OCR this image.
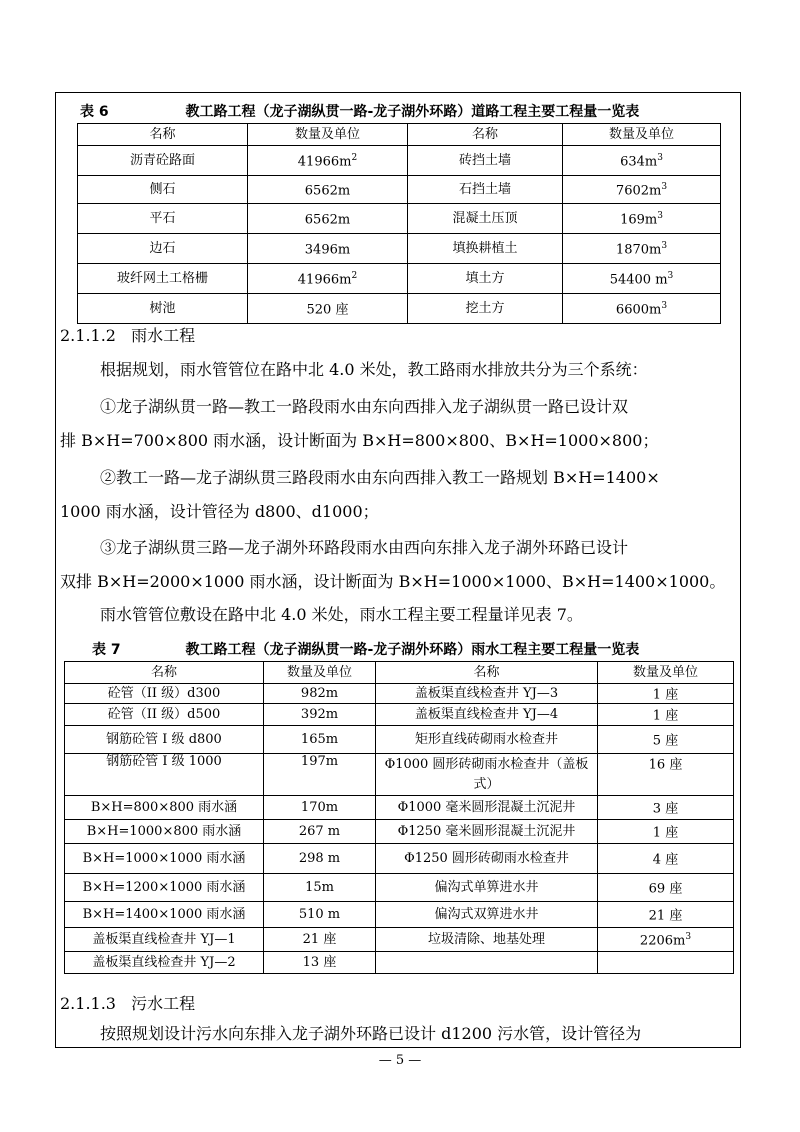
表 6	教工路工程（龙子湖纵贯一路-龙子湖外环路）道路工程主要工程量一览表
名称	数量及单位	名称	数量及单位
沥青砼路面	$41966m^2$	砖挡土墙	$634m^3$
侧石	6562m	石挡土墙	$7602m^3$
平石	6562m	混凝土压顶	$169m^3$
边石	3496m	填换耕植土	$1870m^3$
玻纤网土工格栅	$41966m^2$	填土方	54400 $m^3$
树池	520 座	挖土方	$6600m^3$
2.1.1.2 雨水工程
根据规划，雨水管管位在路中北 4.0 米处，教工路雨水排放共分为三个系统：
①龙子湖纵贯一路—教工一路段雨水由东向西排入龙子湖纵贯一路已设计双
排 B×H=700×800 雨水涵，设计断面为 B×H=800×800、B×H=1000×800；
②教工一路—龙子湖纵贯三路段雨水由东向西排入教工一路规划 B×H=1400×
1000 雨水涵，设计管径为 d800、d1000；
③龙子湖纵贯三路—龙子湖外环路段雨水由西向东排入龙子湖外环路已设计
双排 B×H=2000×1000 雨水涵，设计断面为 B×H=1000×1000、B×H=1400×1000。
雨水管管位敷设在路中北 4.0 米处，雨水工程主要工程量详见表 7。
表 7	教工路工程（龙子湖纵贯一路-龙子湖外环路）雨水工程主要工程量一览表
名称	数量及单位	名称	数量及单位
砼管（II 级）d300	982m	盖板渠直线检查井 YJ—3	1 座
砼管（II 级）d500	392m	盖板渠直线检查井 YJ—4	1 座
钢筋砼管 I 级 d800	165m	矩形直线砖砌雨水检查井	5 座
钢筋砼管 I 级 1000	197m	Φ1000 圆形砖砌雨水检查井（盖板式）	16 座
B×H=800×800 雨水涵	170m	Φ1000 毫米圆形混凝土沉泥井	3 座
B×H=1000×800 雨水涵	267 m	Φ1250 毫米圆形混凝土沉泥井	1 座
B×H=1000×1000 雨水涵	298 m	Φ1250 圆形砖砌雨水检查井	4 座
B×H=1200×1000 雨水涵	15m	偏沟式单箅进水井	69 座
B×H=1400×1000 雨水涵	510 m	偏沟式双箅进水井	21 座
盖板渠直线检查井 YJ—1	21 座	垃圾清除、地基处理	$2206m^3$
盖板渠直线检查井 YJ—2	13 座		
2.1.1.3 污水工程
按照规划设计污水向东排入龙子湖外环路已设计 d1200 污水管，设计管径为
— 5 —
